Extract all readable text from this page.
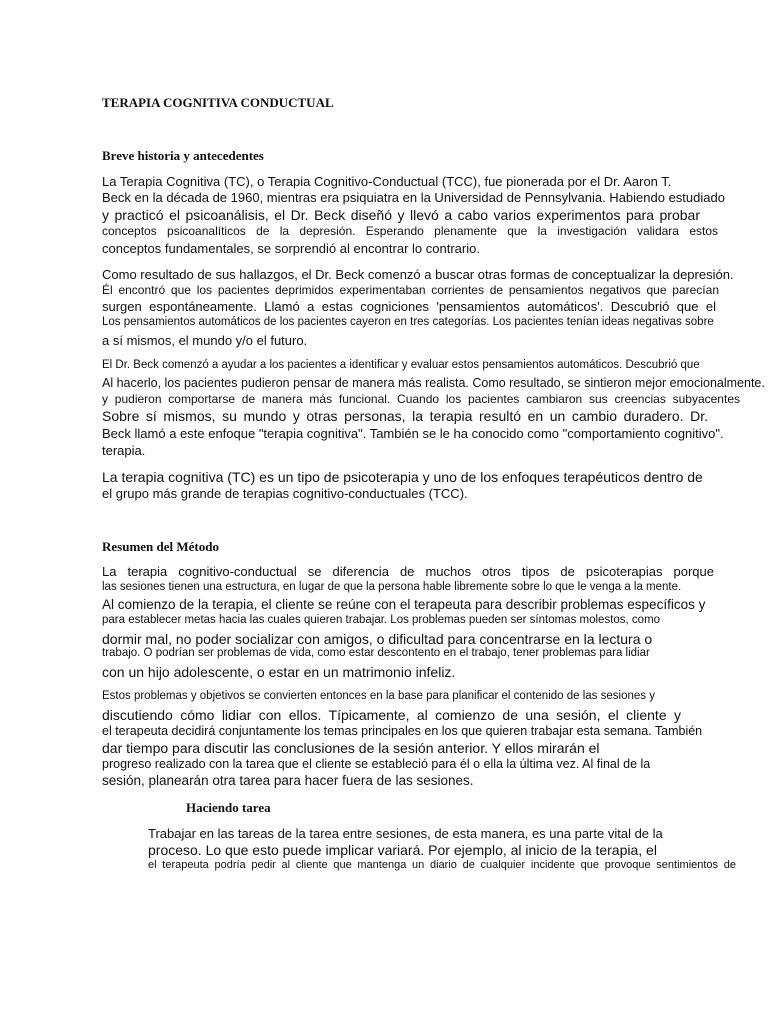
TERAPIA COGNITIVA CONDUCTUAL
Breve historia y antecedentes
La Terapia Cognitiva (TC), o Terapia Cognitivo-Conductual (TCC), fue pionerada por el Dr. Aaron T.
Beck en la década de 1960, mientras era psiquiatra en la Universidad de Pennsylvania. Habiendo estudiado
y practicó el psicoanálisis, el Dr. Beck diseñó y llevó a cabo varios experimentos para probar
conceptos psicoanalíticos de la depresión. Esperando plenamente que la investigación validara estos
conceptos fundamentales, se sorprendió al encontrar lo contrario.
Como resultado de sus hallazgos, el Dr. Beck comenzó a buscar otras formas de conceptualizar la depresión.
Él encontró que los pacientes deprimidos experimentaban corrientes de pensamientos negativos que parecían
surgen espontáneamente. Llamó a estas cogniciones 'pensamientos automáticos'. Descubrió que el
Los pensamientos automáticos de los pacientes cayeron en tres categorías. Los pacientes tenían ideas negativas sobre
a sí mismos, el mundo y/o el futuro.
El Dr. Beck comenzó a ayudar a los pacientes a identificar y evaluar estos pensamientos automáticos. Descubrió que
Al hacerlo, los pacientes pudieron pensar de manera más realista. Como resultado, se sintieron mejor emocionalmente.
y pudieron comportarse de manera más funcional. Cuando los pacientes cambiaron sus creencias subyacentes
Sobre sí mismos, su mundo y otras personas, la terapia resultó en un cambio duradero. Dr.
Beck llamó a este enfoque "terapia cognitiva". También se le ha conocido como "comportamiento cognitivo".
terapia.
La terapia cognitiva (TC) es un tipo de psicoterapia y uno de los enfoques terapéuticos dentro de
el grupo más grande de terapias cognitivo-conductuales (TCC).
Resumen del Método
La terapia cognitivo-conductual se diferencia de muchos otros tipos de psicoterapias porque
las sesiones tienen una estructura, en lugar de que la persona hable libremente sobre lo que le venga a la mente.
Al comienzo de la terapia, el cliente se reúne con el terapeuta para describir problemas específicos y
para establecer metas hacia las cuales quieren trabajar. Los problemas pueden ser síntomas molestos, como
dormir mal, no poder socializar con amigos, o dificultad para concentrarse en la lectura o
trabajo. O podrían ser problemas de vida, como estar descontento en el trabajo, tener problemas para lidiar
con un hijo adolescente, o estar en un matrimonio infeliz.
Estos problemas y objetivos se convierten entonces en la base para planificar el contenido de las sesiones y
discutiendo cómo lidiar con ellos. Típicamente, al comienzo de una sesión, el cliente y
el terapeuta decidirá conjuntamente los temas principales en los que quieren trabajar esta semana. También
dar tiempo para discutir las conclusiones de la sesión anterior. Y ellos mirarán el
progreso realizado con la tarea que el cliente se estableció para él o ella la última vez. Al final de la
sesión, planearán otra tarea para hacer fuera de las sesiones.
Haciendo tarea
Trabajar en las tareas de la tarea entre sesiones, de esta manera, es una parte vital de la
proceso. Lo que esto puede implicar variará. Por ejemplo, al inicio de la terapia, el
el terapeuta podría pedir al cliente que mantenga un diario de cualquier incidente que provoque sentimientos de
